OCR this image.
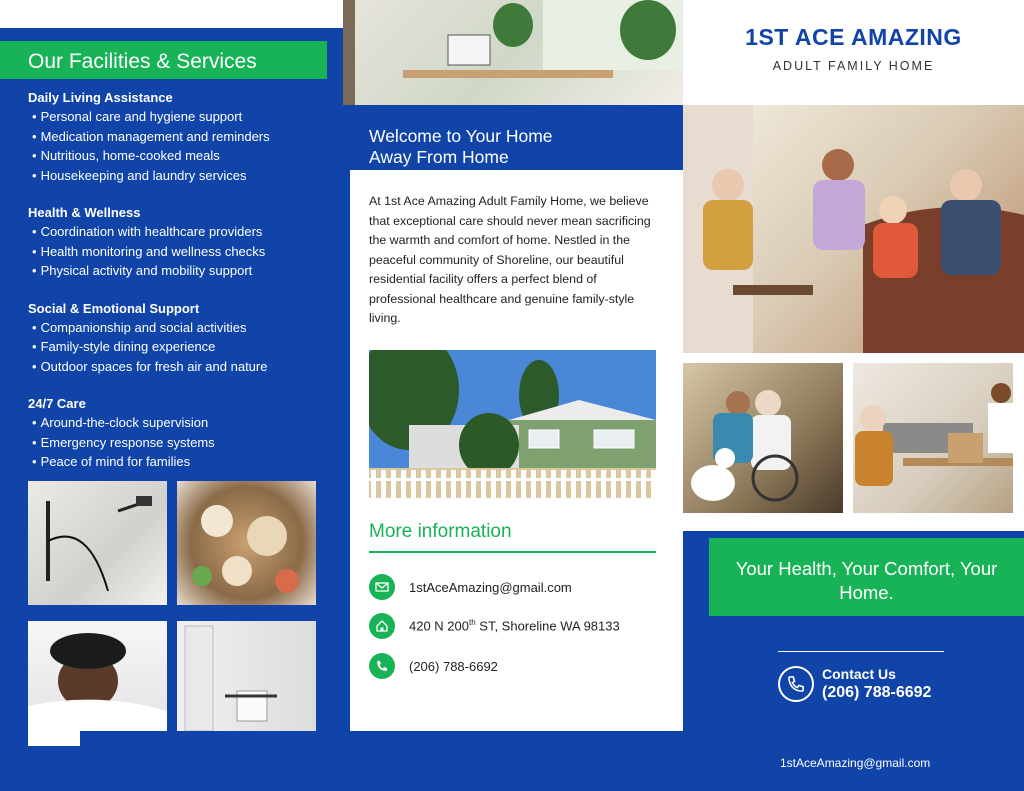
Our Facilities & Services
Daily Living Assistance
• Personal care and hygiene support
• Medication management and reminders
• Nutritious, home-cooked meals
• Housekeeping and laundry services
Health & Wellness
• Coordination with healthcare providers
• Health monitoring and wellness checks
• Physical activity and mobility support
Social & Emotional Support
• Companionship and social activities
• Family-style dining experience
• Outdoor spaces for fresh air and nature
24/7 Care
• Around-the-clock supervision
• Emergency response systems
• Peace of mind for families
Welcome to Your Home
Away From Home
At 1st Ace Amazing Adult Family Home, we believe that exceptional care should never mean sacrificing the warmth and comfort of home. Nestled in the peaceful community of Shoreline, our beautiful residential facility offers a perfect blend of professional healthcare and genuine family-style living.
More information
1stAceAmazing@gmail.com
420 N 200th ST, Shoreline WA 98133
(206) 788-6692
1ST ACE AMAZING
ADULT FAMILY HOME
Your Health, Your Comfort, Your Home.
Contact Us
(206) 788-6692
1stAceAmazing@gmail.com
